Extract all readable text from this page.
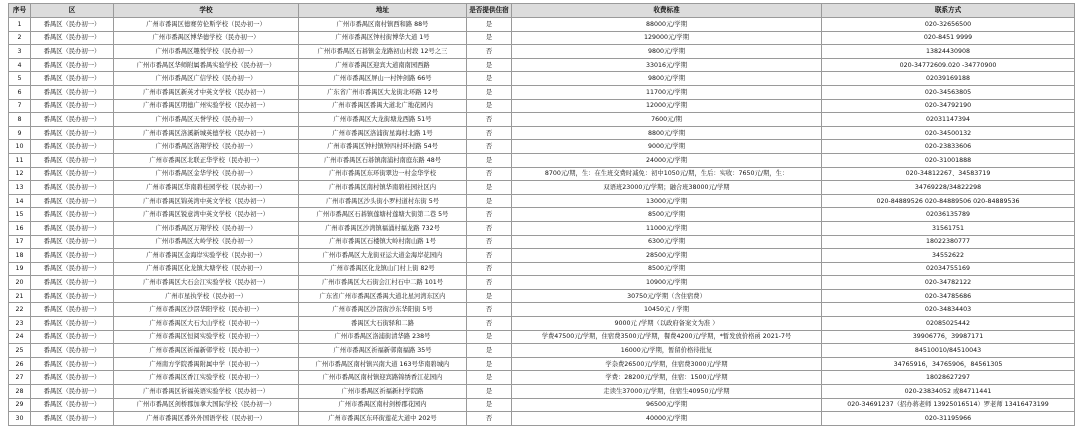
序号	区	学校	地址	是否提供住宿	收费标准	联系方式
1	番禺区（民办初一）	广州市番禺区德赛劳伦斯学校（民办初一）	广州市番禺区南村镇西和路 88号	是	88000元/学期	020-32656500
2	番禺区（民办初一）	广州市番禺区博华德学校（民办初一）	广州市番禺区钟村街博华大道 1号	是	129000元/学期	020-8451 9999
3	番禺区（民办初一）	广州市番禺区趣悦学校（民办初一）	广州市番禺区石碁镇金龙路初山村段 12号之三	否	9800元/学期	13824430908
4	番禺区（民办初一）	广州市番禺区华师附属番禺实验学校（民办初一）	广州市番禺区迎宾大道南南园西路	是	33016元/学期	020-34772609.020 -34770900
5	番禺区（民办初一）	广州市番禺区广信学校（民办初一）	广州市番禺区屏山一村钟剑路 66号	是	9800元/学期	02039169188
6	番禺区（民办初一）	广州市番禺区新英才中英文学校（民办初一）	广东省广州市番禺区大龙街北环路 12号	是	11700元/学期	020-34563805
7	番禺区（民办初一）	广州市番禺区明德广州实验学校（民办初一）	广州市番禺区番禺大道北广地花园内	是	12000元/学期	020-34792190
8	番禺区（民办初一）	广州市番禺区天誉学校（民办初一）	广州市番禺区大龙街塘龙西路 51号	否	7600元/期	02031147394
9	番禺区（民办初一）	广州市番禺区洛溪新城英德学校（民办初一）	广州市番禺区洛浦街星海村北路 1号	否	8800元/学期	020-34500132
10	番禺区（民办初一）	广州市番禺区洛翔学校（民办初一）	广州市番禺区钟村镇钟四村环村路 54号	否	9000元/学期	020-23833606
11	番禺区（民办初一）	广州市番禺区北联正华学校（民办初一）	广州市番禺区石碁镇南浦村南庭东路 48号	是	24000元/学期	020-31001888
12	番禺区（民办初一）	广州市番禺区金华学校（民办初一）	广州市番禺区东环街翠边一村金华学校	否	8700元/期，生：在生班交费时减免：初中1050元/期，生后：实收：7650元/期，生：	020-34812267、34583719
13	番禺区（民办初一）	广州市番禺区华南碧桂园学校（民办初一）	广州市番禺区南村镇华南碧桂园社区内	是	双语班23000元/学期；融合班38000元/学期	34769228/34822298
14	番禺区（民办初一）	广州市番禺区锦英湾中英文学校（民办初一）	广州市番禺区沙头街小罗村道村东街 5号	是	13000元/学期	020-84889526 020-84889506 020-84889536
15	番禺区（民办初一）	广州市番禺区锐意湾中英文学校（民办初一）	广州市番禺区石碁镇莲塘村莲塘大街第二巷 5号	否	8500元/学期	02036135789
16	番禺区（民办初一）	广州市番禺区万翔学校（民办初一）	广州市番禺区沙湾镇福涌村福龙路 732号	否	11000元/学期	31561751
17	番禺区（民办初一）	广州市番禺区大岭学校（民办初一）	广州市番禺区石楼镇大岭村南山路 1号	否	6300元/学期	18022380777
18	番禺区（民办初一）	广州市番禺区金海岸实验学校（民办初一）	广州市番禺区大龙街亚运大道金海岸花园内	否	28500元/学期	34552622
19	番禺区（民办初一）	广州市番禺区化龙镇大塘学校（民办初一）	广州市番禺区化龙镇山门村上街 82号	否	8500元/学期	02034755169
20	番禺区（民办初一）	广州市番禺区大石会江实验学校（民办初一）	广州市番禺区大石街会江村石中二路 101号	否	10900元/学期	020-34782122
21	番禺区（民办初一）	广州市星执学校（民办初一）	广东省广州市番禺区番禺大道北星河湾东区内	是	30750元/学期（含住宿费）	020-34785686
22	番禺区（民办初一）	广州市番禺区沙滘华阳学校（民办初一）	广州市番禺区沙滘街沙东华阳街 5号	否	10450元 / 学期	020-34834403
23	番禺区（民办初一）	广州市番禺区大石大山学校（民办初一）	番禺区大石街驿和二路	否	9000元 /学期（以政府备案文为准 ）	02085025442
24	番禺区（民办初一）	广州市番禺区恒阅实验学校（民办初一）	广州市番禺区洛浦街清华路 238号	是	学费47500元/学期，住宿费3500元/学期，餐费4200元/学期，*暂发放价格函 2021-7号	39906776，39987171
25	番禺区（民办初一）	广州市番禺区祈福新邨学校（民办初一）	广州市番禺区祈福新邨南福路 35号	是	16000元/学期，暂留价格待批复	84510010/84510043
26	番禺区（民办初一）	广州南方学院番禺附属中学（民办初一）	广州市番禺区南村镇兴南大道 163号华南碧城内	是	学杂费26500元/学期，住宿费3000元/学期	34765916，34765906，84561305
27	番禺区（民办初一）	广州市番禺区香江实验学校（民办初一）	广州市番禺区南村镇迎宾路锦绣香江花园内	是	学费：28200元/学期，住宿：1500元/学期	18028627297
28	番禺区（民办初一）	广州市番禺区祈福英语实验学校（民办初一）	广州市番禺区祈福新村学院路	是	走读生37000元/学期，住宿生40950元/学期	020-23834052 或84711441
29	番禺区（民办初一）	广州市番禺区剑桥郡加拿大国际学校（民办初一）	广州市番禺区南村剑桥郡花园内	是	96500元/学期	020-34691237（招办蒋老师 13925016514）罗老师 13416473199
30	番禺区（民办初一）	广州市番禺区番外外国语学校（民办初一）	广州市番禺区东环街莲花大道中 202号	否	40000元/学期	020-31195966
